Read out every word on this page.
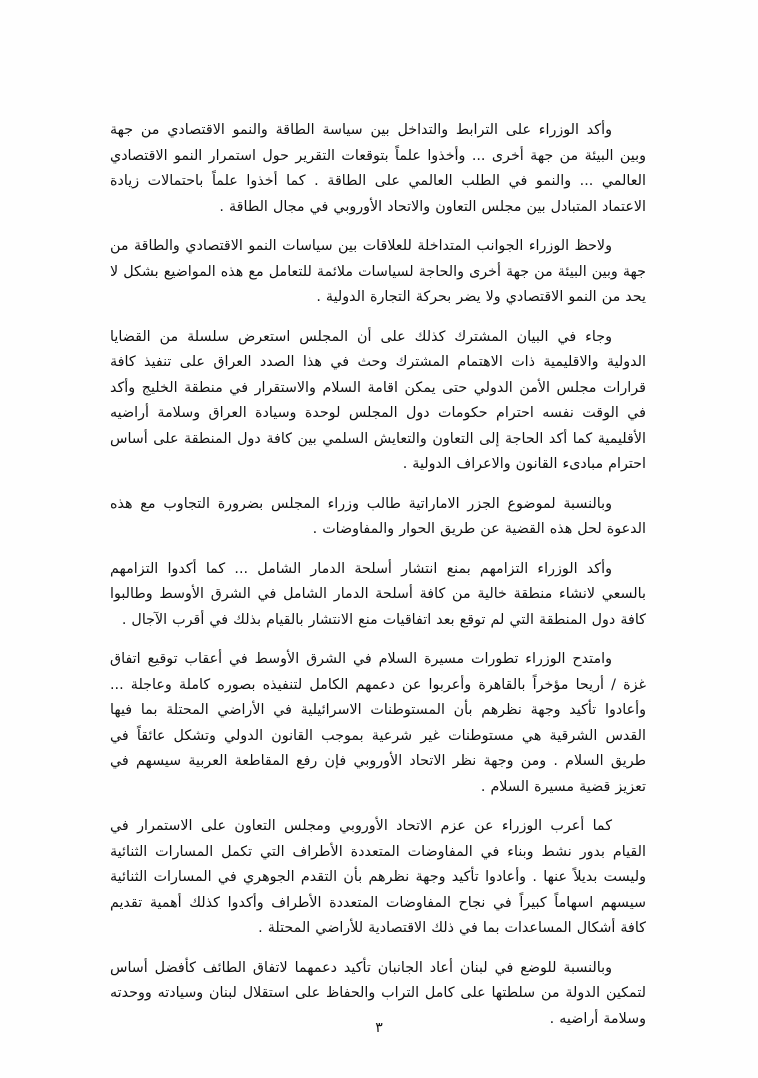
وأكد الوزراء على الترابط والتداخل بين سياسة الطاقة والنمو الاقتصادي من جهة وبين البيئة من جهة أخرى ... وأخذوا علماً بتوقعات التقرير حول استمرار النمو الاقتصادي العالمي ... والنمو في الطلب العالمي على الطاقة . كما أخذوا علماً باحتمالات زيادة الاعتماد المتبادل بين مجلس التعاون والاتحاد الأوروبي في مجال الطاقة .

ولاحظ الوزراء الجوانب المتداخلة للعلاقات بين سياسات النمو الاقتصادي والطاقة من جهة وبين البيئة من جهة أخرى والحاجة لسياسات ملائمة للتعامل مع هذه المواضيع بشكل لا يحد من النمو الاقتصادي ولا يضر بحركة التجارة الدولية .

وجاء في البيان المشترك كذلك على أن المجلس استعرض سلسلة من القضايا الدولية والاقليمية ذات الاهتمام المشترك وحث في هذا الصدد العراق على تنفيذ كافة قرارات مجلس الأمن الدولي حتى يمكن اقامة السلام والاستقرار في منطقة الخليج وأكد في الوقت نفسه احترام حكومات دول المجلس لوحدة وسيادة العراق وسلامة أراضيه الأقليمية كما أكد الحاجة إلى التعاون والتعايش السلمي بين كافة دول المنطقة على أساس احترام مبادىء القانون والاعراف الدولية .

وبالنسبة لموضوع الجزر الاماراتية طالب وزراء المجلس بضرورة التجاوب مع هذه الدعوة لحل هذه القضية عن طريق الحوار والمفاوضات .

وأكد الوزراء التزامهم بمنع انتشار أسلحة الدمار الشامل ... كما أكدوا التزامهم بالسعي لانشاء منطقة خالية من كافة أسلحة الدمار الشامل في الشرق الأوسط وطالبوا كافة دول المنطقة التي لم توقع بعد اتفاقيات منع الانتشار بالقيام بذلك في أقرب الآجال .

وامتدح الوزراء تطورات مسيرة السلام في الشرق الأوسط في أعقاب توقيع اتفاق غزة / أريحا مؤخراً بالقاهرة وأعربوا عن دعمهم الكامل لتنفيذه بصوره كاملة وعاجلة ... وأعادوا تأكيد وجهة نظرهم بأن المستوطنات الاسرائيلية في الأراضي المحتلة بما فيها القدس الشرقية هي مستوطنات غير شرعية بموجب القانون الدولي وتشكل عائقاً في طريق السلام . ومن وجهة نظر الاتحاد الأوروبي فإن رفع المقاطعة العربية سيسهم في تعزيز قضية مسيرة السلام .

كما أعرب الوزراء عن عزم الاتحاد الأوروبي ومجلس التعاون على الاستمرار في القيام بدور نشط وبناء في المفاوضات المتعددة الأطراف التي تكمل المسارات الثنائية وليست بديلاً عنها . وأعادوا تأكيد وجهة نظرهم بأن التقدم الجوهري في المسارات الثنائية سيسهم اسهاماً كبيراً في نجاح المفاوضات المتعددة الأطراف وأكدوا كذلك أهمية تقديم كافة أشكال المساعدات بما في ذلك الاقتصادية للأراضي المحتلة .

وبالنسبة للوضع في لبنان أعاد الجانبان تأكيد دعمهما لاتفاق الطائف كأفضل أساس لتمكين الدولة من سلطتها على كامل التراب والحفاظ على استقلال لبنان وسيادته ووحدته وسلامة أراضيه .

٣
